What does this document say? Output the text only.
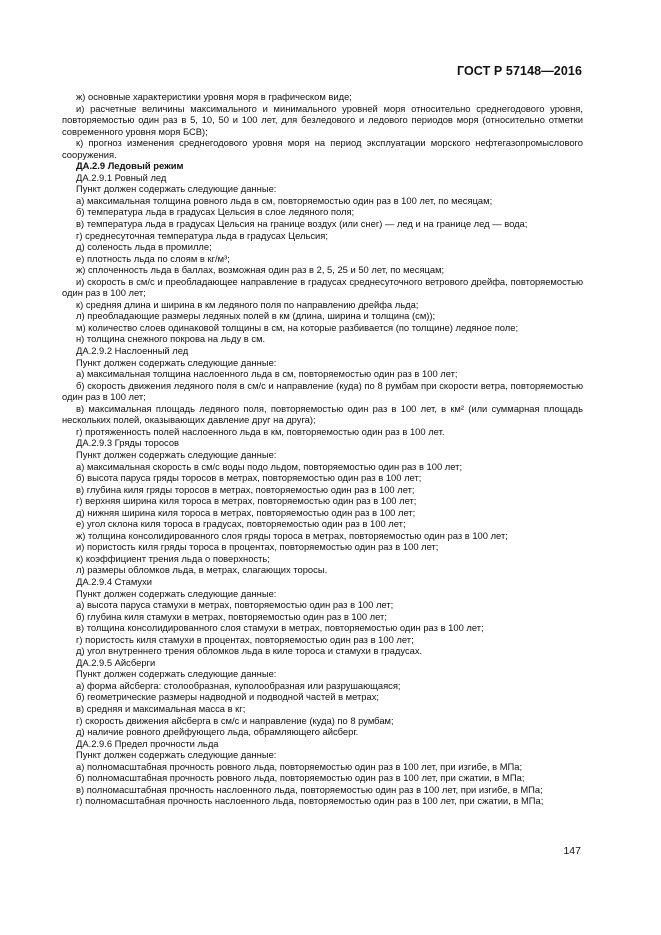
ГОСТ Р 57148—2016

ж) основные характеристики уровня моря в графическом виде;

и) расчетные величины максимального и минимального уровней моря относительно среднегодового уровня, повторяемостью один раз в 5, 10, 50 и 100 лет, для безледового и ледового периодов моря (относительно отметки современного уровня моря БСВ);

к) прогноз изменения среднегодового уровня моря на период эксплуатации морского нефтегазопромыслового сооружения.

ДА.2.9 Ледовый режим

ДА.2.9.1 Ровный лед

Пункт должен содержать следующие данные:

а) максимальная толщина ровного льда в см, повторяемостью один раз в 100 лет, по месяцам;

б) температура льда в градусах Цельсия в слое ледяного поля;

в) температура льда в градусах Цельсия на границе воздух (или снег) — лед и на границе лед — вода;

г) среднесуточная температура льда в градусах Цельсия;

д) соленость льда в промилле;

е) плотность льда по слоям в кг/м³;

ж) сплоченность льда в баллах, возможная один раз в 2, 5, 25 и 50 лет, по месяцам;

и) скорость в см/с и преобладающее направление в градусах среднесуточного ветрового дрейфа, повторяемостью один раз в 100 лет;

к) средняя длина и ширина в км ледяного поля по направлению дрейфа льда;

л) преобладающие размеры ледяных полей в км (длина, ширина и толщина (см));

м) количество слоев одинаковой толщины в см, на которые разбивается (по толщине) ледяное поле;

н) толщина снежного покрова на льду в см.

ДА.2.9.2 Наслоенный лед

Пункт должен содержать следующие данные:

а) максимальная толщина наслоенного льда в см, повторяемостью один раз в 100 лет;

б) скорость движения ледяного поля в см/с и направление (куда) по 8 румбам при скорости ветра, повторяемостью один раз в 100 лет;

в) максимальная площадь ледяного поля, повторяемостью один раз в 100 лет, в км² (или суммарная площадь нескольких полей, оказывающих давление друг на друга);

г) протяженность полей наслоенного льда в км, повторяемостью один раз в 100 лет.

ДА.2.9.3 Гряды торосов

Пункт должен содержать следующие данные:

а) максимальная скорость в см/с воды подо льдом, повторяемостью один раз в 100 лет;

б) высота паруса гряды торосов в метрах, повторяемостью один раз в 100 лет;

в) глубина киля гряды торосов в метрах, повторяемостью один раз в 100 лет;

г) верхняя ширина киля тороса в метрах, повторяемостью один раз в 100 лет;

д) нижняя ширина киля тороса в метрах, повторяемостью один раз в 100 лет;

е) угол склона киля тороса в градусах, повторяемостью один раз в 100 лет;

ж) толщина консолидированного слоя гряды тороса в метрах, повторяемостью один раз в 100 лет;

и) пористость киля гряды тороса в процентах, повторяемостью один раз в 100 лет;

к) коэффициент трения льда о поверхность;

л) размеры обломков льда, в метрах, слагающих торосы.

ДА.2.9.4 Стамухи

Пункт должен содержать следующие данные:

а) высота паруса стамухи в метрах, повторяемостью один раз в 100 лет;

б) глубина киля стамухи в метрах, повторяемостью один раз в 100 лет;

в) толщина консолидированного слоя стамухи в метрах, повторяемостью один раз в 100 лет;

г) пористость киля стамухи в процентах, повторяемостью один раз в 100 лет;

д) угол внутреннего трения обломков льда в киле тороса и стамухи в градусах.

ДА.2.9.5 Айсберги

Пункт должен содержать следующие данные:

а) форма айсберга: столообразная, куполообразная или разрушающаяся;

б) геометрические размеры надводной и подводной частей в метрах;

в) средняя и максимальная масса в кг;

г) скорость движения айсберга в см/с и направление (куда) по 8 румбам;

д) наличие ровного дрейфующего льда, обрамляющего айсберг.

ДА.2.9.6 Предел прочности льда

Пункт должен содержать следующие данные:

а) полномасштабная прочность ровного льда, повторяемостью один раз в 100 лет, при изгибе, в МПа;

б) полномасштабная прочность ровного льда, повторяемостью один раз в 100 лет, при сжатии, в МПа;

в) полномасштабная прочность наслоенного льда, повторяемостью один раз в 100 лет, при изгибе, в МПа;

г) полномасштабная прочность наслоенного льда, повторяемостью один раз в 100 лет, при сжатии, в МПа;

147
